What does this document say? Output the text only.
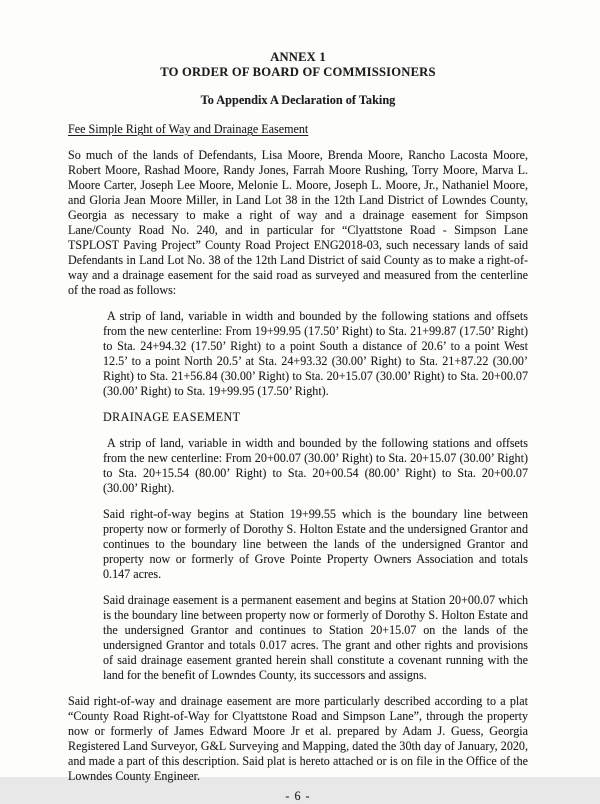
ANNEX 1
TO ORDER OF BOARD OF COMMISSIONERS
To Appendix A Declaration of Taking
Fee Simple Right of Way and Drainage Easement

So much of the lands of Defendants, Lisa Moore, Brenda Moore, Rancho Lacosta Moore, Robert Moore, Rashad Moore, Randy Jones, Farrah Moore Rushing, Torry Moore, Marva L. Moore Carter, Joseph Lee Moore, Melonie L. Moore, Joseph L. Moore, Jr., Nathaniel Moore, and Gloria Jean Moore Miller, in Land Lot 38 in the 12th Land District of Lowndes County, Georgia as necessary to make a right of way and a drainage easement for Simpson Lane/County Road No. 240, and in particular for “Clyattstone Road - Simpson Lane TSPLOST Paving Project” County Road Project ENG2018-03, such necessary lands of said Defendants in Land Lot No. 38 of the 12th Land District of said County as to make a right-of-way and a drainage easement for the said road as surveyed and measured from the centerline of the road as follows:

A strip of land, variable in width and bounded by the following stations and offsets from the new centerline: From 19+99.95 (17.50’ Right) to Sta. 21+99.87 (17.50’ Right) to Sta. 24+94.32 (17.50’ Right) to a point South a distance of 20.6’ to a point West 12.5’ to a point North 20.5’ at Sta. 24+93.32 (30.00’ Right) to Sta. 21+87.22 (30.00’ Right) to Sta. 21+56.84 (30.00’ Right) to Sta. 20+15.07 (30.00’ Right) to Sta. 20+00.07 (30.00’ Right) to Sta. 19+99.95 (17.50’ Right).

DRAINAGE EASEMENT

A strip of land, variable in width and bounded by the following stations and offsets from the new centerline: From 20+00.07 (30.00’ Right) to Sta. 20+15.07 (30.00’ Right) to Sta. 20+15.54 (80.00’ Right) to Sta. 20+00.54 (80.00’ Right) to Sta. 20+00.07 (30.00’ Right).

Said right-of-way begins at Station 19+99.55 which is the boundary line between property now or formerly of Dorothy S. Holton Estate and the undersigned Grantor and continues to the boundary line between the lands of the undersigned Grantor and property now or formerly of Grove Pointe Property Owners Association and totals 0.147 acres.

Said drainage easement is a permanent easement and begins at Station 20+00.07 which is the boundary line between property now or formerly of Dorothy S. Holton Estate and the undersigned Grantor and continues to Station 20+15.07 on the lands of the undersigned Grantor and totals 0.017 acres. The grant and other rights and provisions of said drainage easement granted herein shall constitute a covenant running with the land for the benefit of Lowndes County, its successors and assigns.

Said right-of-way and drainage easement are more particularly described according to a plat “County Road Right-of-Way for Clyattstone Road and Simpson Lane”, through the property now or formerly of James Edward Moore Jr et al. prepared by Adam J. Guess, Georgia Registered Land Surveyor, G&L Surveying and Mapping, dated the 30th day of January, 2020, and made a part of this description. Said plat is hereto attached or is on file in the Office of the Lowndes County Engineer.

- 6 -
